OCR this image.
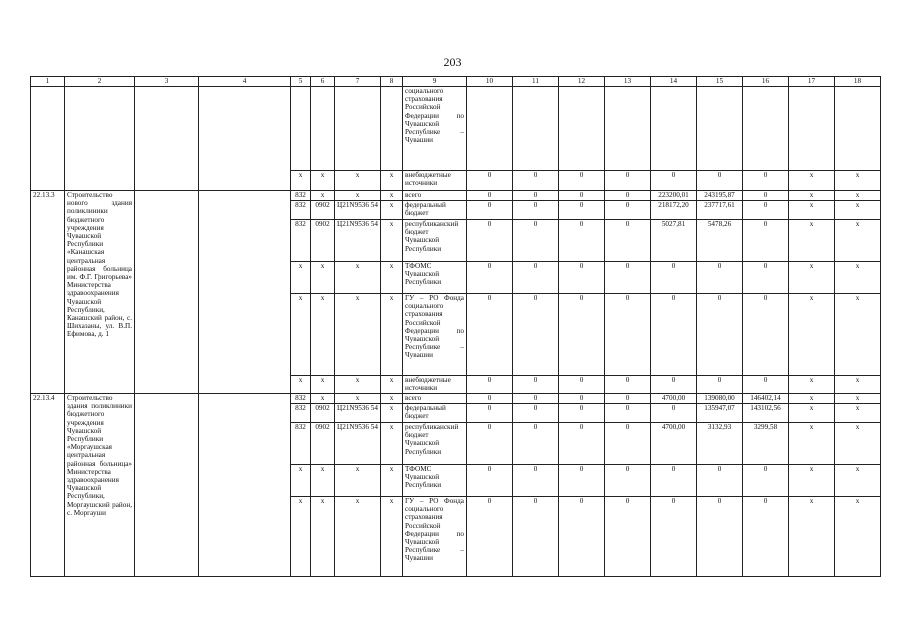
203
1	2	3	4	5	6	7	8	9	10	11	12	13	14	15	16	17	18
								социального страхования Российской Федерации по Чувашской Республике – Чувашии									
				x	x	x	x	внебюджетные источники	0	0	0	0	0	0	0	x	x
22.13.3	Строительство нового здания поликлиники бюджетного учреждения Чувашской Республики «Канашская центральная районная больница им. Ф.Г. Григорьева» Министерства здравоохранения Чувашской Республики, Канашский район, с. Шихазаны, ул. В.П. Ефимова, д. 1			832	x	x	x	всего	0	0	0	0	223200,01	243195,87	0	x	x
				832	0902	Ц21N9536 54	x	федеральный бюджет	0	0	0	0	218172,20	237717,61	0	x	x
				832	0902	Ц21N9536 54	x	республиканский бюджет Чувашской Республики	0	0	0	0	5027,81	5478,26	0	x	x
				x	x	x	x	ТФОМС Чувашской Республики	0	0	0	0	0	0	0	x	x
				x	x	x	x	ГУ – РО Фонда социального страхования Российской Федерации по Чувашской Республике – Чувашии	0	0	0	0	0	0	0	x	x
				x	x	x	x	внебюджетные источники	0	0	0	0	0	0	0	x	x
22.13.4	Строительство здания поликлиники бюджетного учреждения Чувашской Республики «Моргаушская центральная районная больница» Министерства здравоохранения Чувашской Республики, Моргаушский район, с. Моргауши			832	x	x	x	всего	0	0	0	0	4700,00	139080,00	146402,14	x	x
				832	0902	Ц21N9536 54	x	федеральный бюджет	0	0	0	0	0	135947,07	143102,56	x	x
				832	0902	Ц21N9536 54	x	республиканский бюджет Чувашской Республики	0	0	0	0	4700,00	3132,93	3299,58	x	x
				x	x	x	x	ТФОМС Чувашской Республики	0	0	0	0	0	0	0	x	x
				x	x	x	x	ГУ – РО Фонда социального страхования Российской Федерации по Чувашской Республике – Чувашии	0	0	0	0	0	0	0	x	x
